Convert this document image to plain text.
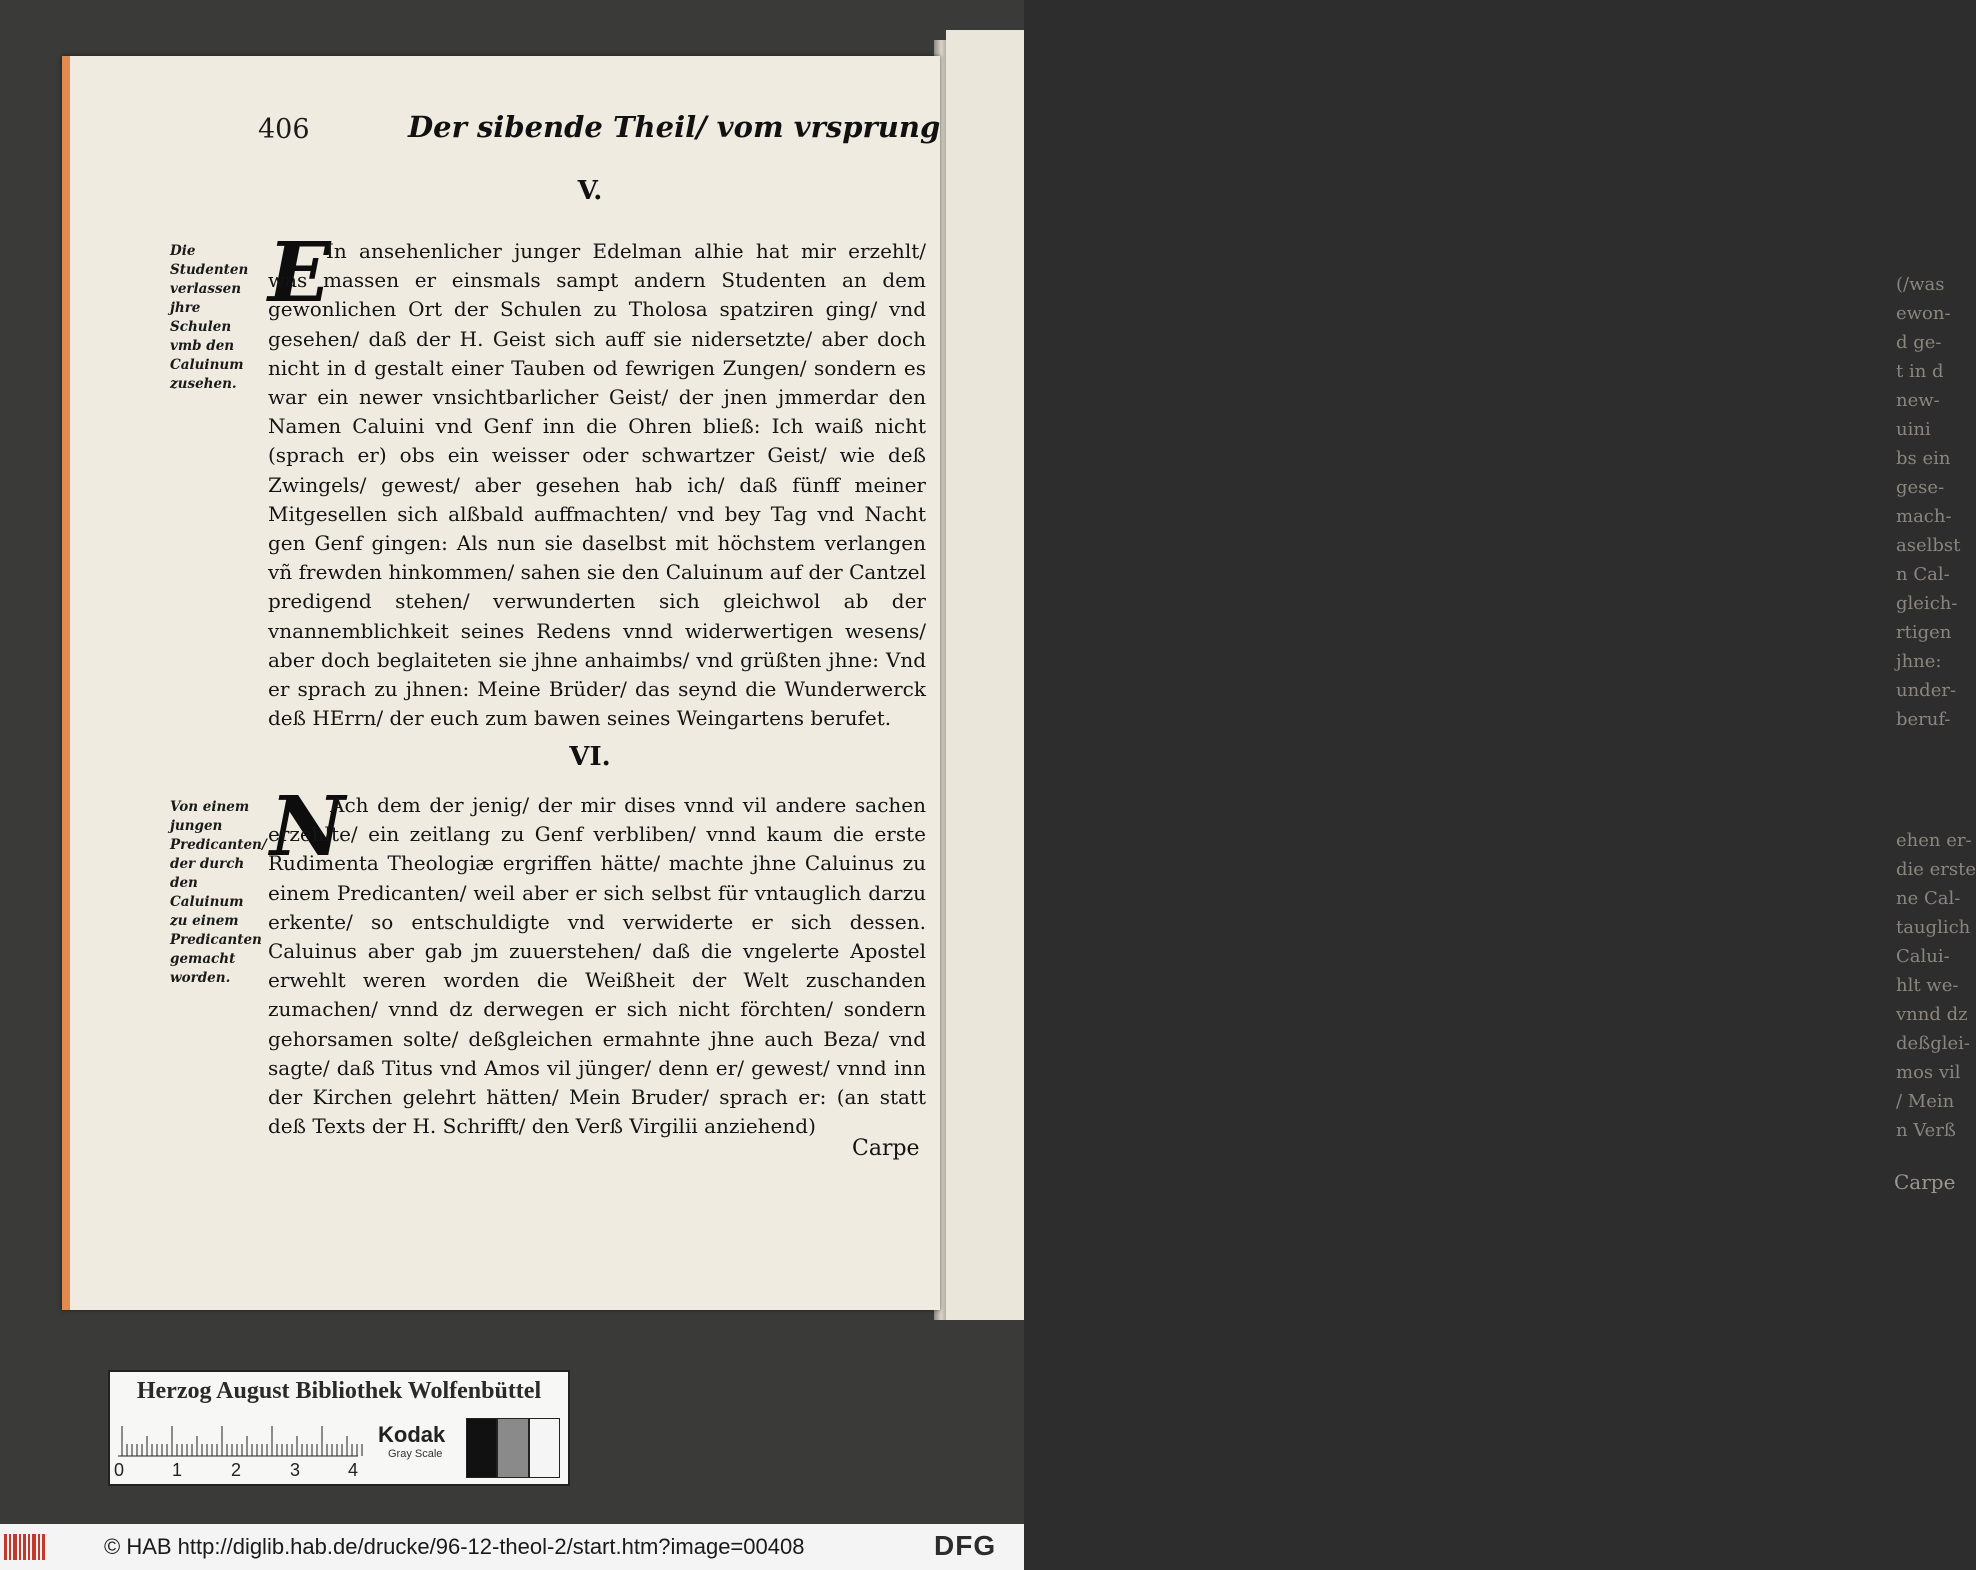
(/was
ewon-
d ge-
t in d
new-
uini
bs ein
gese-
mach-
aselbst
n Cal-
gleich-
rtigen
jhne:
under-
beruf-
ehen er-
die erste
ne Cal-
tauglich
Calui-
hlt we-
vnnd dz
deßglei-
mos vil
/ Mein
n Verß
Carpe
406	Der sibende Theil/ vom vrsprung
V.
Die Studenten verlassen jhre Schulen vmb den Caluinum zusehen.
E
In ansehenlicher junger Edelman alhie hat mir erzehlt/ was massen er einsmals sampt andern Studenten an dem gewonlichen Ort der Schulen zu Tholosa spatziren ging/ vnd gesehen/ daß der H. Geist sich auff sie nidersetzte/ aber doch nicht in d gestalt einer Tauben od fewrigen Zungen/ sondern es war ein newer vnsichtbarlicher Geist/ der jnen jmmerdar den Namen Caluini vnd Genf inn die Ohren bließ: Ich waiß nicht (sprach er) obs ein weisser oder schwartzer Geist/ wie deß Zwingels/ gewest/ aber gesehen hab ich/ daß fünff meiner Mitgesellen sich alßbald auffmachten/ vnd bey Tag vnd Nacht gen Genf gingen: Als nun sie daselbst mit höchstem verlangen vñ frewden hinkommen/ sahen sie den Caluinum auf der Cantzel predigend stehen/ verwunderten sich gleichwol ab der vnannemblichkeit seines Redens vnnd widerwertigen wesens/ aber doch beglaiteten sie jhne anhaimbs/ vnd grüßten jhne: Vnd er sprach zu jhnen: Meine Brüder/ das seynd die Wunderwerck deß HErrn/ der euch zum bawen seines Weingartens berufet.
VI.
Von einem jungen Predicanten/ der durch den Caluinum zu einem Predicanten gemacht worden.
N
Ach dem der jenig/ der mir dises vnnd vil andere sachen erzehlte/ ein zeitlang zu Genf verbliben/ vnnd kaum die erste Rudimenta Theologiæ ergriffen hätte/ machte jhne Caluinus zu einem Predicanten/ weil aber er sich selbst für vntauglich darzu erkente/ so entschuldigte vnd verwiderte er sich dessen. Caluinus aber gab jm zuuerstehen/ daß die vngelerte Apostel erwehlt weren worden die Weißheit der Welt zuschanden zumachen/ vnnd dz derwegen er sich nicht förchten/ sondern gehorsamen solte/ deßgleichen ermahnte jhne auch Beza/ vnd sagte/ daß Titus vnd Amos vil jünger/ denn er/ gewest/ vnnd inn der Kirchen gelehrt hätten/ Mein Bruder/ sprach er: (an statt deß Texts der H. Schrifft/ den Verß Virgilii anziehend)
Carpe
Herzog August Bibliothek Wolfenbüttel
0	1	2	3	4
Kodak
Gray Scale
© HAB http://diglib.hab.de/drucke/96-12-theol-2/start.htm?image=00408	DFG
